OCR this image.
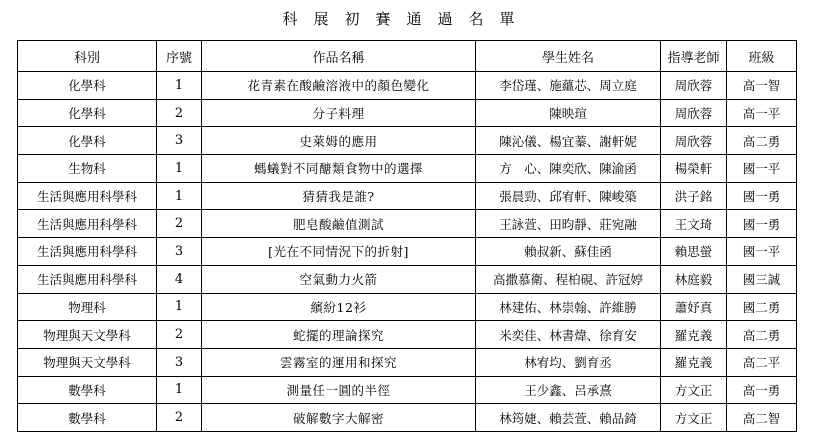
科展初賽通過名單
科別	序號	作品名稱	學生姓名	指導老師	班級
化學科	1	花青素在酸鹼溶液中的顏色變化	李岱瑾、施蘊芯、周立庭	周欣蓉	高一智
化學科	2	分子料理	陳映瑄	周欣蓉	高一平
化學科	3	史萊姆的應用	陳沁儀、楊宜蓁、謝軒妮	周欣蓉	高二勇
生物科	1	螞蟻對不同醣類食物中的選擇	方　心、陳奕欣、陳渝函	楊榮軒	國一平
生活與應用科學科	1	猜猜我是誰?	張晨勁、邱宥軒、陳峻築	洪子銘	國一勇
生活與應用科學科	2	肥皂酸鹼值測試	王詠萱、田昀靜、莊宛融	王文琦	國一勇
生活與應用科學科	3	[光在不同情況下的折射]	賴叔新、蘇佳函	賴思螢	國一平
生活與應用科學科	4	空氣動力火箭	高撒慕衛、程柏硯、許冠婷	林庭毅	國三誠
物理科	1	繽紛12衫	林建佑、林崇翰、許維勝	蕭妤真	國二勇
物理與天文學科	2	蛇擺的理論探究	米奕佳、林書煒、徐育安	羅克義	高二勇
物理與天文學科	3	雲霧室的運用和探究	林宥均、劉育丞	羅克義	高二平
數學科	1	測量任一圓的半徑	王少鑫、呂承熹	方文正	高一勇
數學科	2	破解數字大解密	林筠婕、賴芸萱、賴品錡	方文正	高二智
